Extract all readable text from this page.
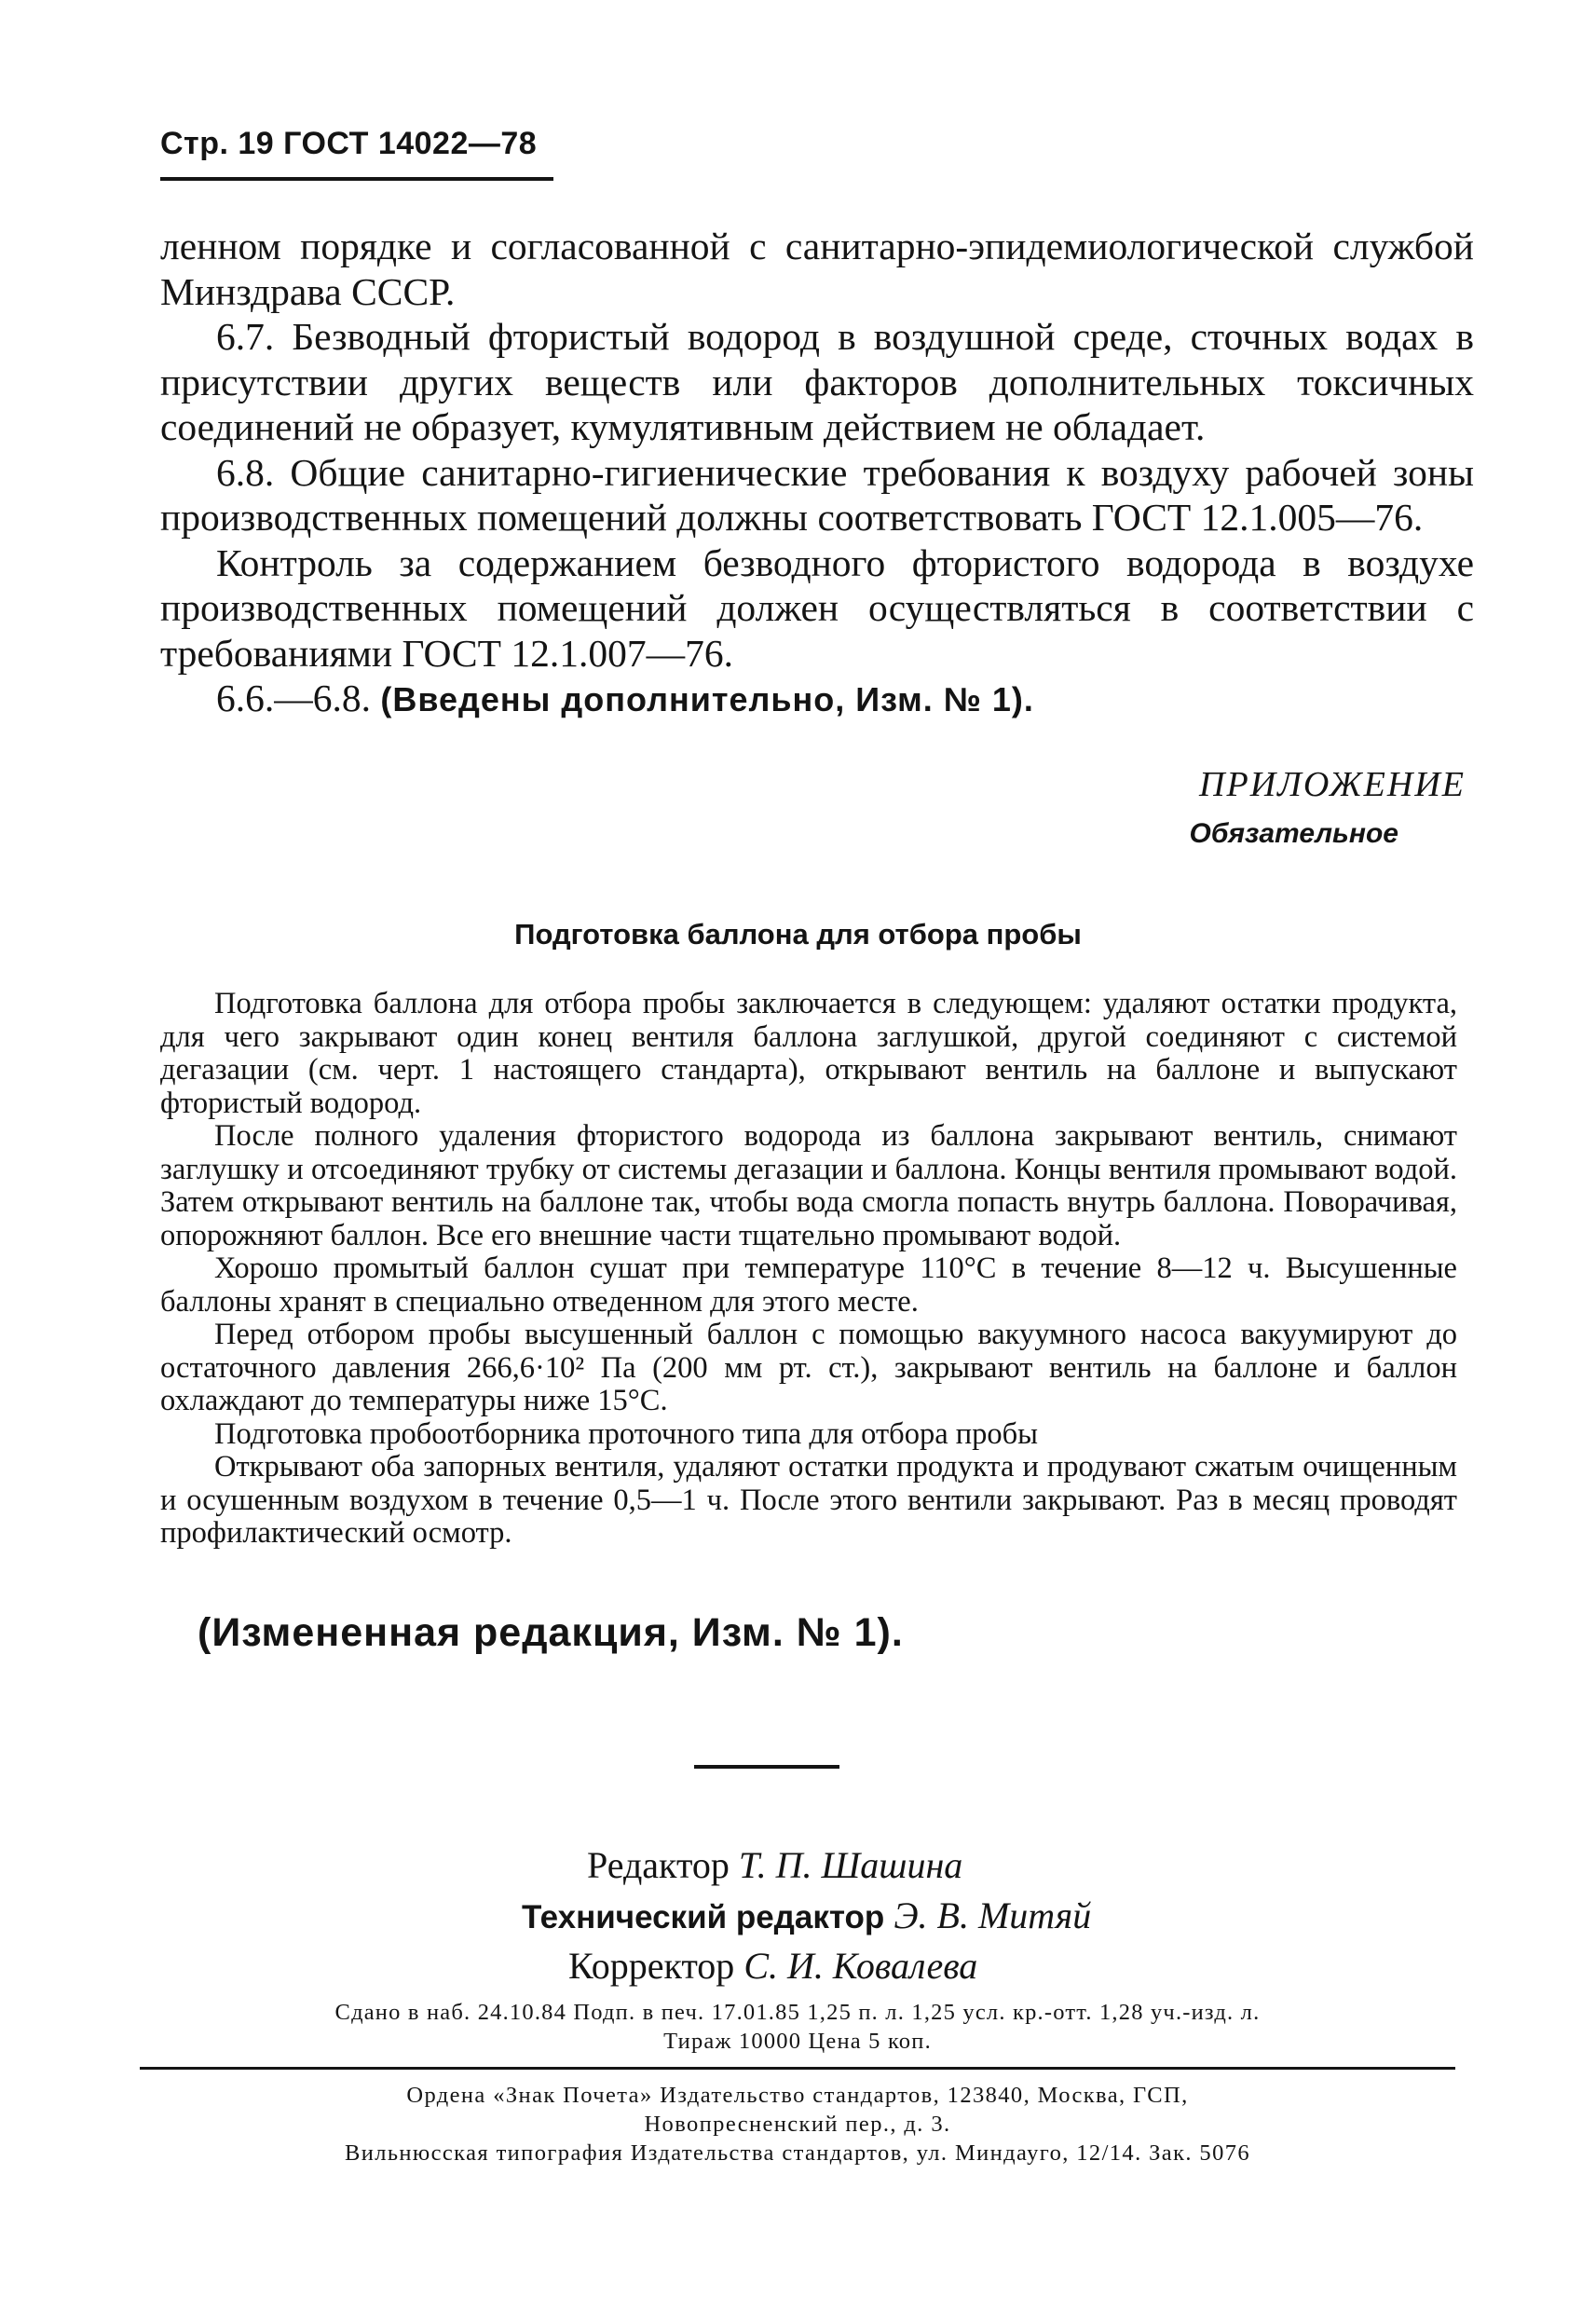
Стр. 19 ГОСТ 14022—78

ленном порядке и согласованной с санитарно-эпидемиологической службой Минздрава СССР.

6.7. Безводный фтористый водород в воздушной среде, сточных водах в присутствии других веществ или факторов дополнительных токсичных соединений не образует, кумулятивным действием не обладает.

6.8. Общие санитарно-гигиенические требования к воздуху рабочей зоны производственных помещений должны соответствовать ГОСТ 12.1.005—76.

Контроль за содержанием безводного фтористого водорода в воздухе производственных помещений должен осуществляться в соответствии с требованиями ГОСТ 12.1.007—76.

6.6.—6.8. (Введены дополнительно, Изм. № 1).

ПРИЛОЖЕНИЕ
Обязательное
Подготовка баллона для отбора пробы

Подготовка баллона для отбора пробы заключается в следующем: удаляют остатки продукта, для чего закрывают один конец вентиля баллона заглушкой, другой соединяют с системой дегазации (см. черт. 1 настоящего стандарта), открывают вентиль на баллоне и выпускают фтористый водород.

После полного удаления фтористого водорода из баллона закрывают вентиль, снимают заглушку и отсоединяют трубку от системы дегазации и баллона. Концы вентиля промывают водой. Затем открывают вентиль на баллоне так, чтобы вода смогла попасть внутрь баллона. Поворачивая, опорожняют баллон. Все его внешние части тщательно промывают водой.

Хорошо промытый баллон сушат при температуре 110°С в течение 8—12 ч. Высушенные баллоны хранят в специально отведенном для этого месте.

Перед отбором пробы высушенный баллон с помощью вакуумного насоса вакуумируют до остаточного давления 266,6·10² Па (200 мм рт. ст.), закрывают вентиль на баллоне и баллон охлаждают до температуры ниже 15°С.

Подготовка пробоотборника проточного типа для отбора пробы

Открывают оба запорных вентиля, удаляют остатки продукта и продувают сжатым очищенным и осушенным воздухом в течение 0,5—1 ч. После этого вентили закрывают. Раз в месяц проводят профилактический осмотр.

(Измененная редакция, Изм. № 1).
Редактор Т. П. Шашина
Технический редактор Э. В. Митяй
Корректор С. И. Ковалева
Сдано в наб. 24.10.84 Подп. в печ. 17.01.85 1,25 п. л. 1,25 усл. кр.-отт. 1,28 уч.-изд. л.
Тираж 10000 Цена 5 коп.
Ордена «Знак Почета» Издательство стандартов, 123840, Москва, ГСП,
Новопресненский пер., д. 3.
Вильнюсская типография Издательства стандартов, ул. Миндауго, 12/14. Зак. 5076
